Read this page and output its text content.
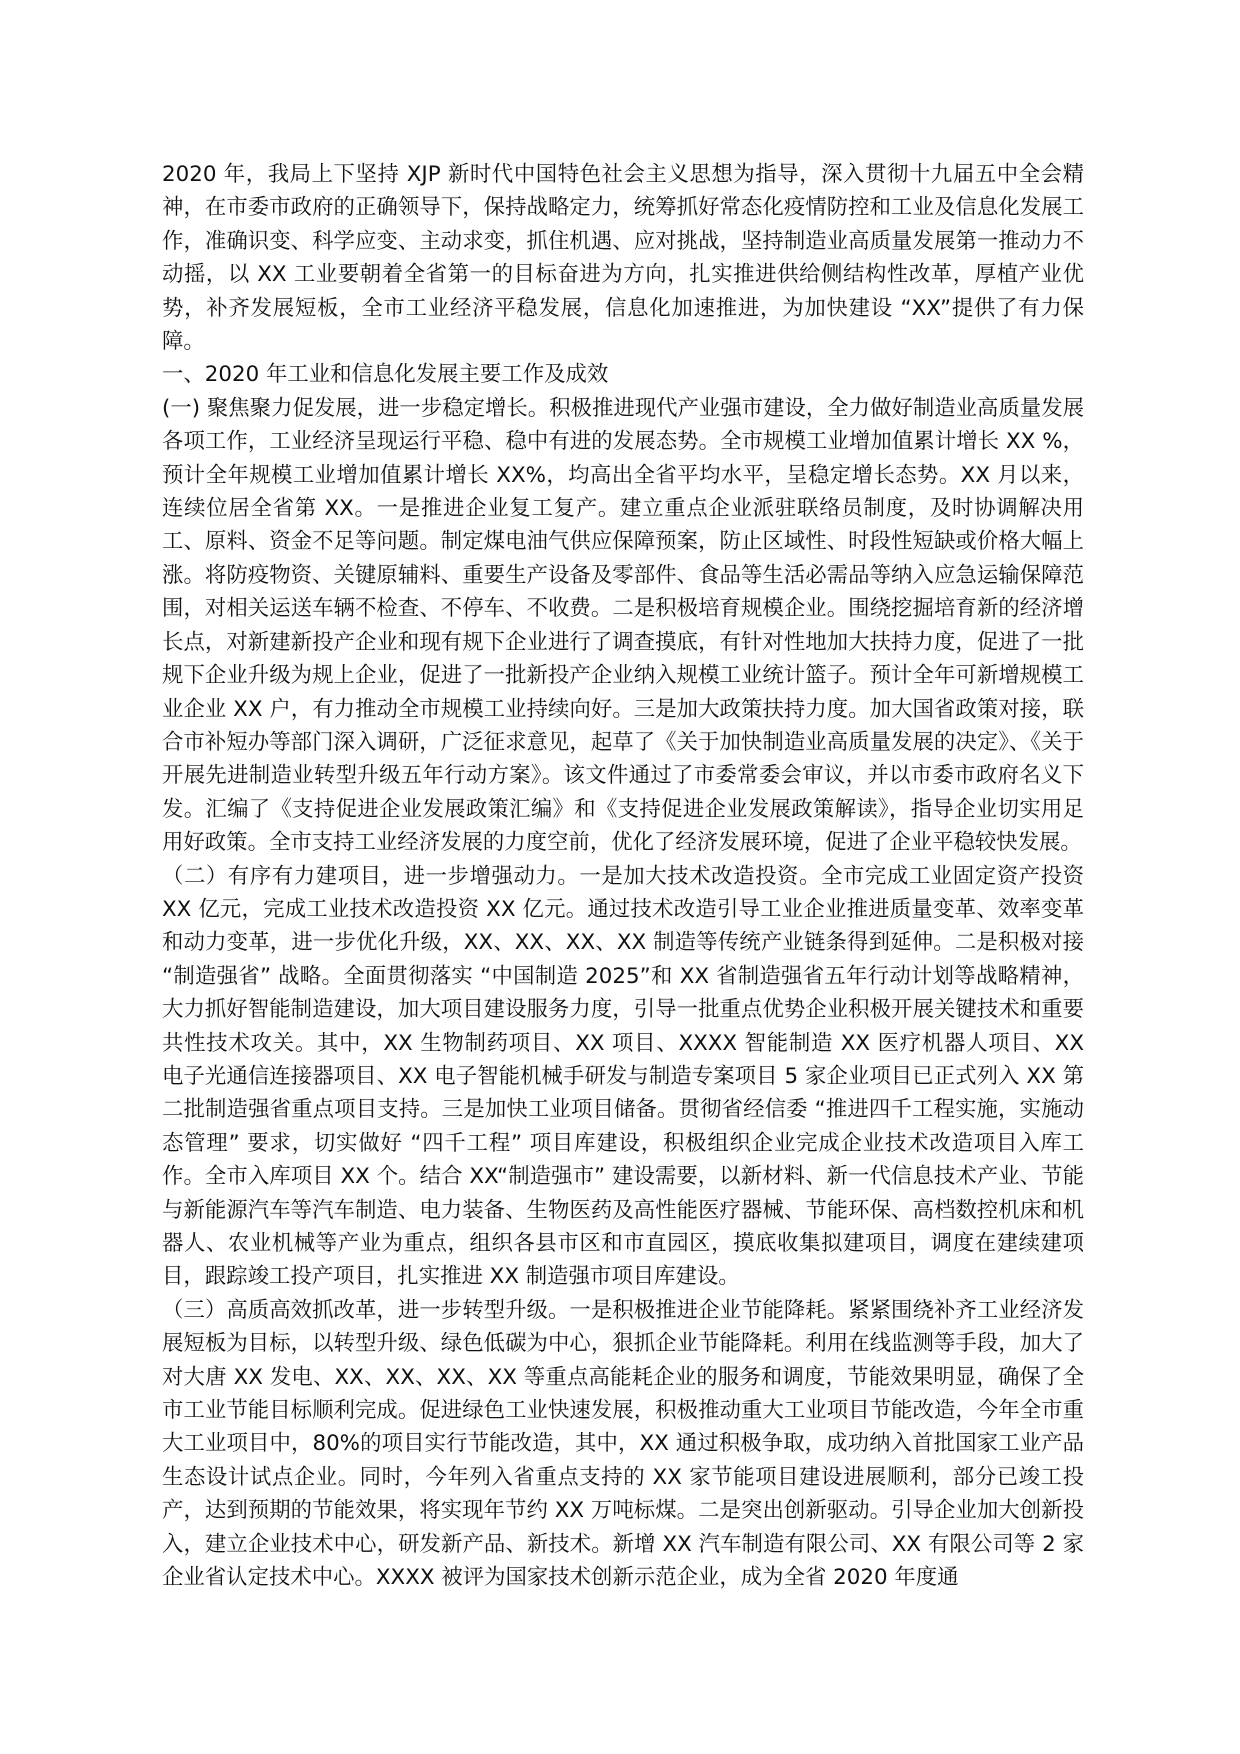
2020 年，我局上下坚持 XJP 新时代中国特色社会主义思想为指导，深入贯彻十九届五中全会精神，在市委市政府的正确领导下，保持战略定力，统筹抓好常态化疫情防控和工业及信息化发展工作，准确识变、科学应变、主动求变，抓住机遇、应对挑战，坚持制造业高质量发展第一推动力不动摇，以 XX 工业要朝着全省第一的目标奋进为方向，扎实推进供给侧结构性改革，厚植产业优势，补齐发展短板，全市工业经济平稳发展，信息化加速推进，为加快建设 “XX”提供了有力保障。

一、2020 年工业和信息化发展主要工作及成效

(一) 聚焦聚力促发展，进一步稳定增长。积极推进现代产业强市建设，全力做好制造业高质量发展各项工作，工业经济呈现运行平稳、稳中有进的发展态势。全市规模工业增加值累计增长 XX %，预计全年规模工业增加值累计增长 XX%，均高出全省平均水平，呈稳定增长态势。XX 月以来，连续位居全省第 XX。一是推进企业复工复产。建立重点企业派驻联络员制度，及时协调解决用工、原料、资金不足等问题。制定煤电油气供应保障预案，防止区域性、时段性短缺或价格大幅上涨。将防疫物资、关键原辅料、重要生产设备及零部件、食品等生活必需品等纳入应急运输保障范围，对相关运送车辆不检查、不停车、不收费。二是积极培育规模企业。围绕挖掘培育新的经济增长点，对新建新投产企业和现有规下企业进行了调查摸底，有针对性地加大扶持力度，促进了一批规下企业升级为规上企业，促进了一批新投产企业纳入规模工业统计篮子。预计全年可新增规模工业企业 XX 户，有力推动全市规模工业持续向好。三是加大政策扶持力度。加大国省政策对接，联合市补短办等部门深入调研，广泛征求意见，起草了《关于加快制造业高质量发展的决定》、《关于开展先进制造业转型升级五年行动方案》。该文件通过了市委常委会审议，并以市委市政府名义下发。汇编了《支持促进企业发展政策汇编》和《支持促进企业发展政策解读》，指导企业切实用足用好政策。全市支持工业经济发展的力度空前，优化了经济发展环境，促进了企业平稳较快发展。

（二）有序有力建项目，进一步增强动力。一是加大技术改造投资。全市完成工业固定资产投资 XX 亿元，完成工业技术改造投资 XX 亿元。通过技术改造引导工业企业推进质量变革、效率变革和动力变革，进一步优化升级，XX、XX、XX、XX 制造等传统产业链条得到延伸。二是积极对接 “制造强省” 战略。全面贯彻落实 “中国制造 2025”和 XX 省制造强省五年行动计划等战略精神，大力抓好智能制造建设，加大项目建设服务力度，引导一批重点优势企业积极开展关键技术和重要共性技术攻关。其中，XX 生物制药项目、XX 项目、XXXX 智能制造 XX 医疗机器人项目、XX 电子光通信连接器项目、XX 电子智能机械手研发与制造专案项目 5 家企业项目已正式列入 XX 第二批制造强省重点项目支持。三是加快工业项目储备。贯彻省经信委 “推进四千工程实施，实施动态管理” 要求，切实做好 “四千工程” 项目库建设，积极组织企业完成企业技术改造项目入库工作。全市入库项目 XX 个。结合 XX“制造强市” 建设需要，以新材料、新一代信息技术产业、节能与新能源汽车等汽车制造、电力装备、生物医药及高性能医疗器械、节能环保、高档数控机床和机器人、农业机械等产业为重点，组织各县市区和市直园区，摸底收集拟建项目，调度在建续建项目，跟踪竣工投产项目，扎实推进 XX 制造强市项目库建设。

（三）高质高效抓改革，进一步转型升级。一是积极推进企业节能降耗。紧紧围绕补齐工业经济发展短板为目标，以转型升级、绿色低碳为中心，狠抓企业节能降耗。利用在线监测等手段，加大了对大唐 XX 发电、XX、XX、XX、XX 等重点高能耗企业的服务和调度，节能效果明显，确保了全市工业节能目标顺利完成。促进绿色工业快速发展，积极推动重大工业项目节能改造，今年全市重大工业项目中，80%的项目实行节能改造，其中，XX 通过积极争取，成功纳入首批国家工业产品生态设计试点企业。同时，今年列入省重点支持的 XX 家节能项目建设进展顺利，部分已竣工投产，达到预期的节能效果，将实现年节约 XX 万吨标煤。二是突出创新驱动。引导企业加大创新投入，建立企业技术中心，研发新产品、新技术。新增 XX 汽车制造有限公司、XX 有限公司等 2 家企业省认定技术中心。XXXX 被评为国家技术创新示范企业，成为全省 2020 年度通
